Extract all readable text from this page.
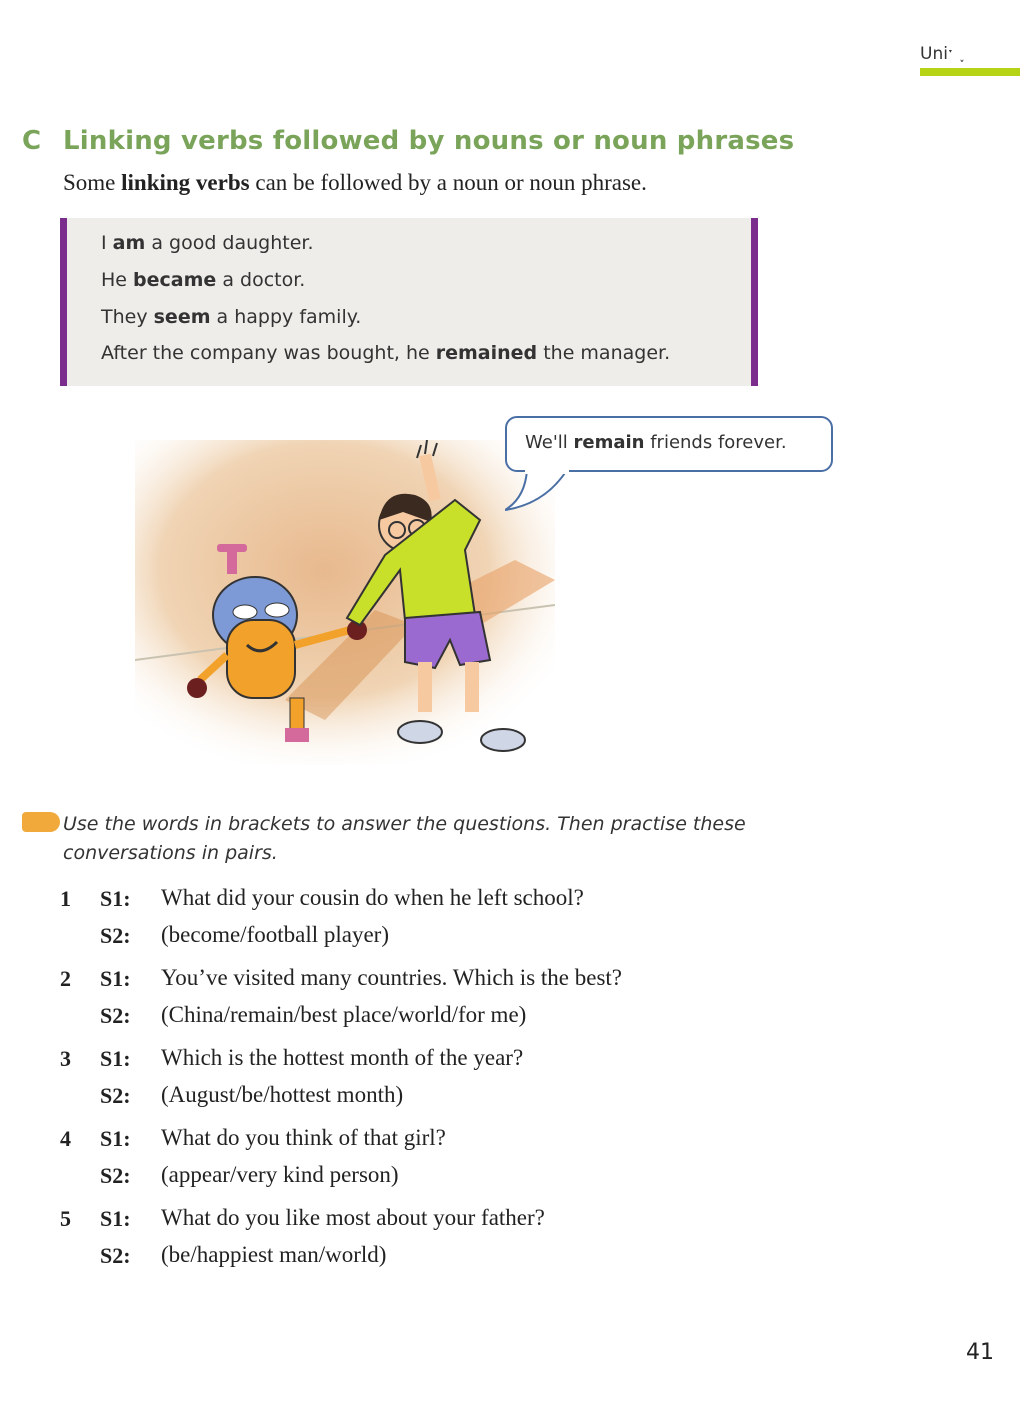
Uniˑ ˯
C Linking verbs followed by nouns or noun phrases
Some linking verbs can be followed by a noun or noun phrase.
I am a good daughter.
He became a doctor.
They seem a happy family.
After the company was bought, he remained the manager.
We'll remain friends forever.
Use the words in brackets to answer the questions. Then practise these conversations in pairs.
1 S1: What did your cousin do when he left school?
S2: (become/football player)
2 S1: You’ve visited many countries. Which is the best?
S2: (China/remain/best place/world/for me)
3 S1: Which is the hottest month of the year?
S2: (August/be/hottest month)
4 S1: What do you think of that girl?
S2: (appear/very kind person)
5 S1: What do you like most about your father?
S2: (be/happiest man/world)
41
